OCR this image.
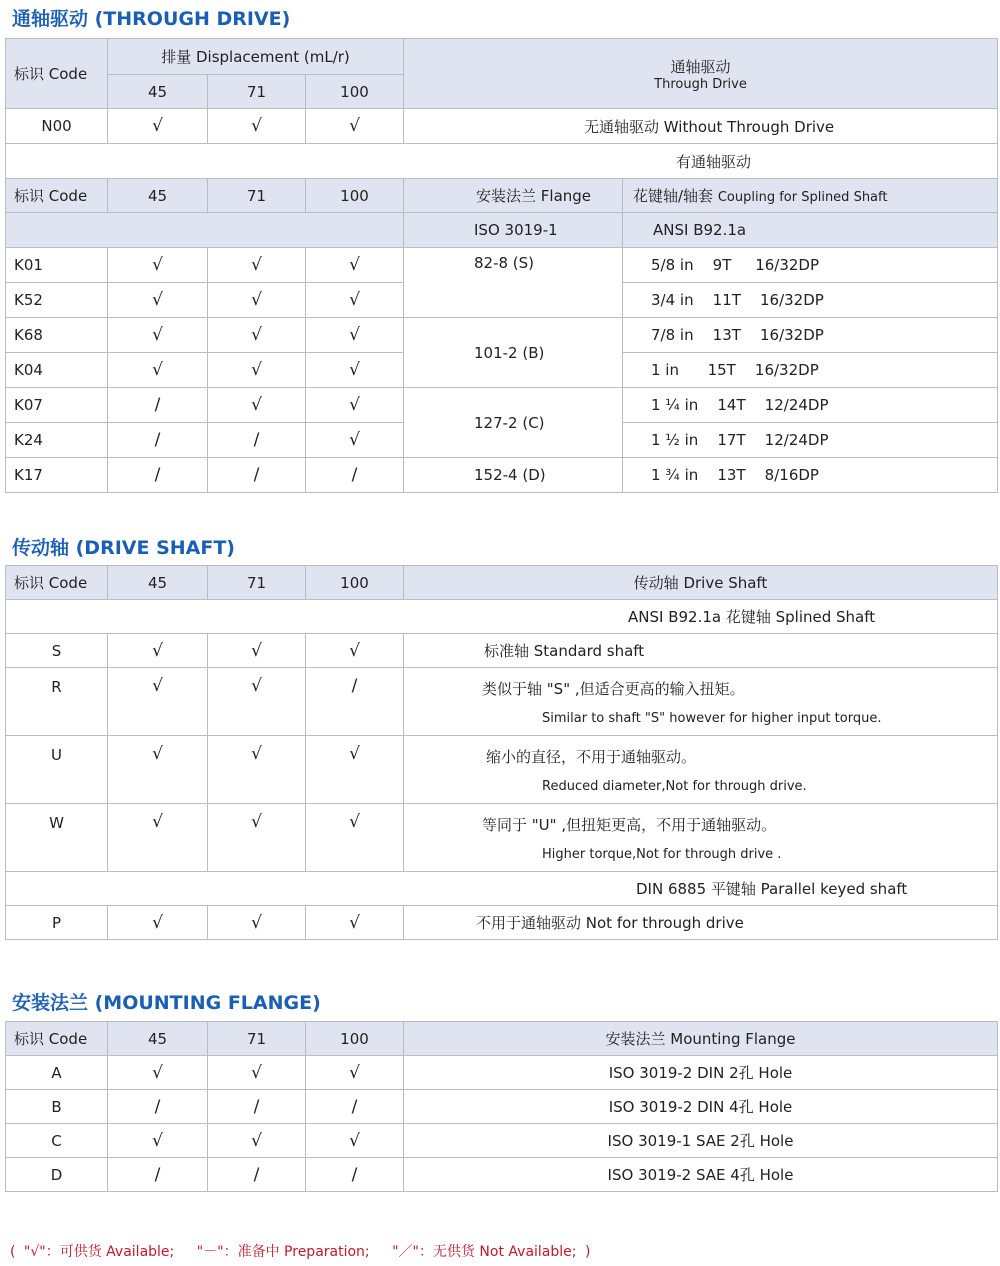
通轴驱动 (THROUGH DRIVE)
标识 Code	排量 Displacement (mL/r)			通轴驱动
Through Drive	

	45	71	100		
N00	√	√	√	无通轴驱动 Without Through Drive	
有通轴驱动					
标识 Code	45	71	100	安装法兰 Flange	花键轴/轴套 Coupling for Splined Shaft
				ISO 3019-1	ANSI B92.1a
K01	√	√	√	82-8 (S)	5/8 in    9T     16/32DP
K52	√	√	√		3/4 in    11T    16/32DP
K68	√	√	√	101-2 (B)	7/8 in    13T    16/32DP
K04	√	√	√		1 in      15T    16/32DP
K07	/	√	√	127-2 (C)	1 ¼ in    14T    12/24DP
K24	/	/	√		1 ½ in    17T    12/24DP
K17	/	/	/	152-4 (D)	1 ¾ in    13T    8/16DP
传动轴 (DRIVE SHAFT)
标识 Code	45	71	100	传动轴 Drive Shaft
ANSI B92.1a 花键轴 Splined Shaft				
S	√	√	√	标准轴 Standard shaft
R	√	√	/	类似于轴 "S" ,但适合更高的输入扭矩。
Similar to shaft "S" however for higher input torque.

U	√	√	√	缩小的直径，不用于通轴驱动。
Reduced diameter,Not for through drive.

W	√	√	√	等同于 "U" ,但扭矩更高，不用于通轴驱动。
Higher torque,Not for through drive .

DIN 6885 平键轴 Parallel keyed shaft				
P	√	√	√	不用于通轴驱动 Not for through drive
安装法兰 (MOUNTING FLANGE)
标识 Code	45	71	100	安装法兰 Mounting Flange
A	√	√	√	ISO 3019-2 DIN 2孔 Hole
B	/	/	/	ISO 3019-2 DIN 4孔 Hole
C	√	√	√	ISO 3019-1 SAE 2孔 Hole
D	/	/	/	ISO 3019-2 SAE 4孔 Hole

( "√"：可供货 Available; "－"：准备中 Preparation; "／"：无供货 Not Available; )
